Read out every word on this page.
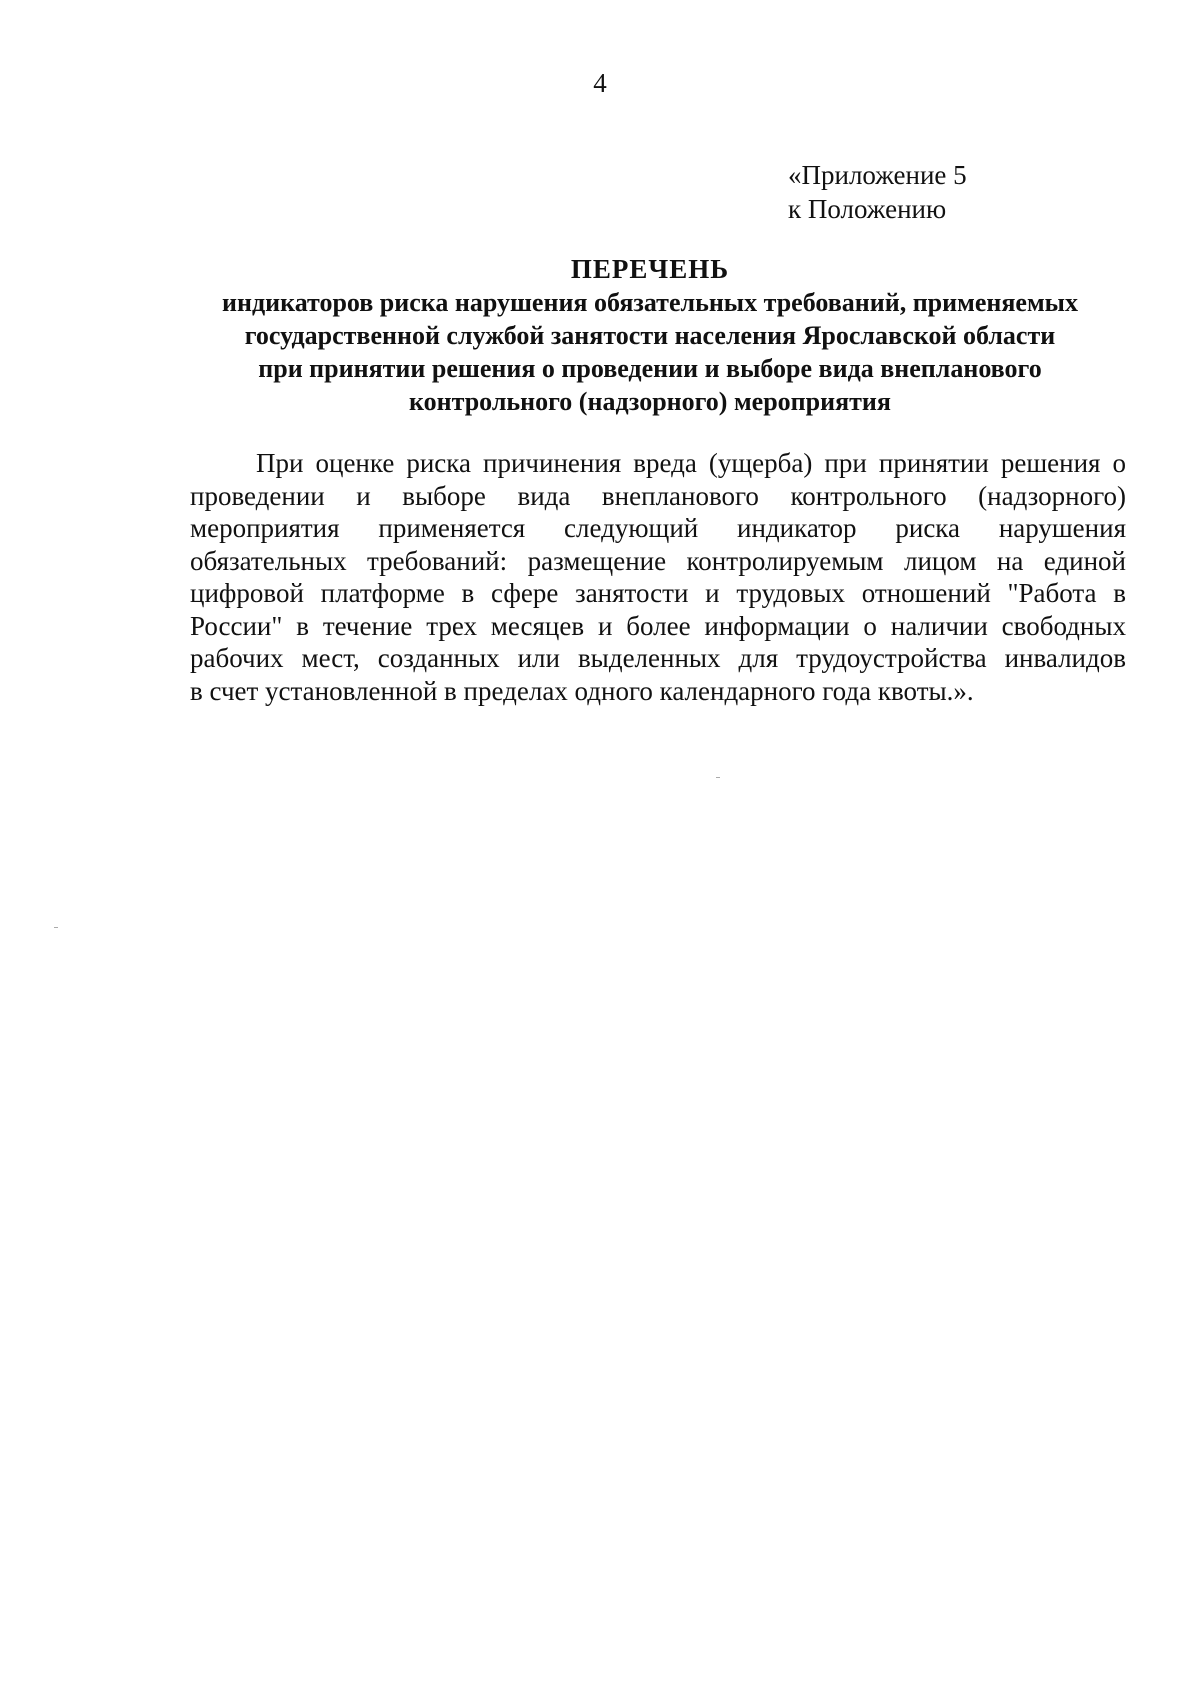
4
«Приложение 5
к Положению
ПЕРЕЧЕНЬ
индикаторов риска нарушения обязательных требований, применяемых
государственной службой занятости населения Ярославской области
при принятии решения о проведении и выборе вида внепланового
контрольного (надзорного) мероприятия
При оценке риска причинения вреда (ущерба) при принятии решения о
проведении и выборе вида внепланового контрольного (надзорного)
мероприятия применяется следующий индикатор риска нарушения
обязательных требований: размещение контролируемым лицом на единой
цифровой платформе в сфере занятости и трудовых отношений "Работа в
России" в течение трех месяцев и более информации о наличии свободных
рабочих мест, созданных или выделенных для трудоустройства инвалидов
в счет установленной в пределах одного календарного года квоты.».
